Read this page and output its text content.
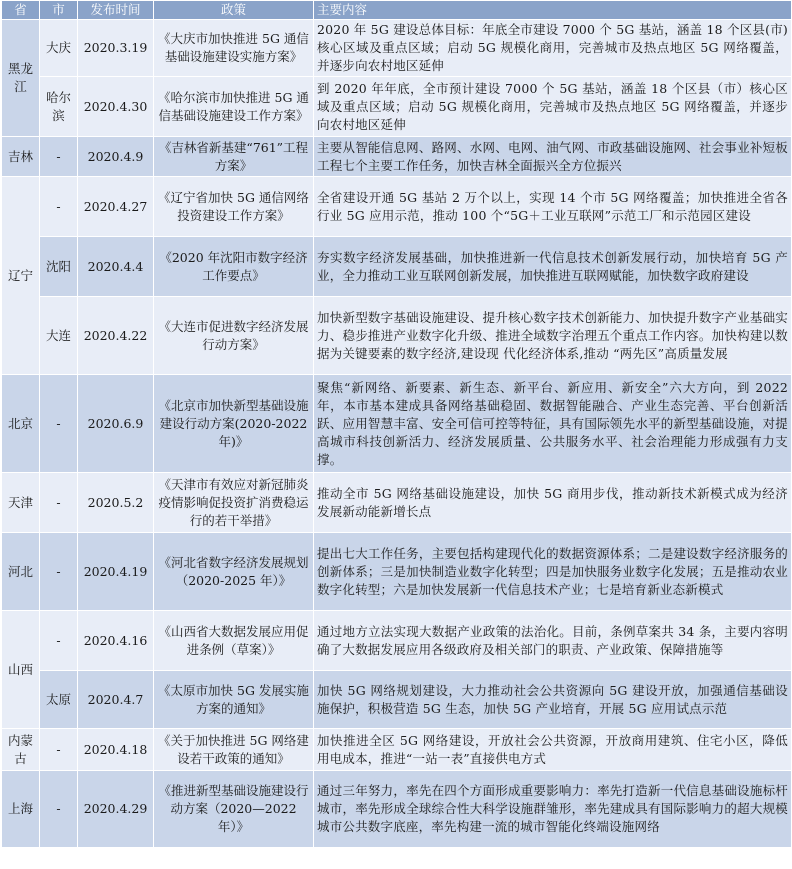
省	市	发布时间	政策	主要内容
黑龙江	大庆	2020.3.19	《大庆市加快推进 5G 通信基础设施建设实施方案》	2020 年 5G 建设总体目标：年底全市建设 7000 个 5G 基站，涵盖 18 个区县(市)核心区域及重点区域；启动 5G 规模化商用，完善城市及热点地区 5G 网络覆盖，并逐步向农村地区延伸
	哈尔滨	2020.4.30	《哈尔滨市加快推进 5G 通信基础设施建设工作方案》	到 2020 年年底，全市预计建设 7000 个 5G 基站，涵盖 18 个区县（市）核心区域及重点区域；启动 5G 规模化商用，完善城市及热点地区 5G 网络覆盖，并逐步向农村地区延伸
吉林	-	2020.4.9	《吉林省新基建“761”工程方案》	主要从智能信息网、路网、水网、电网、油气网、市政基础设施网、社会事业补短板工程七个主要工作任务，加快吉林全面振兴全方位振兴
辽宁	-	2020.4.27	《辽宁省加快 5G 通信网络投资建设工作方案》	全省建设开通 5G 基站 2 万个以上，实现 14 个市 5G 网络覆盖；加快推进全省各行业 5G 应用示范，推动 100 个“5G＋工业互联网”示范工厂和示范园区建设
	沈阳	2020.4.4	《2020 年沈阳市数字经济工作要点》	夯实数字经济发展基础，加快推进新一代信息技术创新发展行动，加快培育 5G 产业，全力推动工业互联网创新发展，加快推进互联网赋能，加快数字政府建设
	大连	2020.4.22	《大连市促进数字经济发展行动方案》	加快新型数字基础设施建设、提升核心数字技术创新能力、加快提升数字产业基础实力、稳步推进产业数字化升级、推进全域数字治理五个重点工作内容。加快构建以数据为关键要素的数字经济,建设现 代化经济体系,推动 “两先区”高质量发展
北京	-	2020.6.9	《北京市加快新型基础设施建设行动方案(2020-2022 年)》	聚焦“新网络、新要素、新生态、新平台、新应用、新安全”六大方向，到 2022 年，本市基本建成具备网络基础稳固、数据智能融合、产业生态完善、平台创新活跃、应用智慧丰富、安全可信可控等特征，具有国际领先水平的新型基础设施，对提高城市科技创新活力、经济发展质量、公共服务水平、社会治理能力形成强有力支撑。
天津	-	2020.5.2	《天津市有效应对新冠肺炎疫情影响促投资扩消费稳运行的若干举措》	推动全市 5G 网络基础设施建设，加快 5G 商用步伐，推动新技术新模式成为经济发展新动能新增长点
河北	-	2020.4.19	《河北省数字经济发展规划（2020-2025 年）》	提出七大工作任务，主要包括构建现代化的数据资源体系；二是建设数字经济服务的创新体系；三是加快制造业数字化转型；四是加快服务业数字化发展；五是推动农业数字化转型；六是加快发展新一代信息技术产业；七是培育新业态新模式
山西	-	2020.4.16	《山西省大数据发展应用促进条例（草案）》	通过地方立法实现大数据产业政策的法治化。目前，条例草案共 34 条，主要内容明确了大数据发展应用各级政府及相关部门的职责、产业政策、保障措施等
	太原	2020.4.7	《太原市加快 5G 发展实施方案的通知》	加快 5G 网络规划建设，大力推动社会公共资源向 5G 建设开放，加强通信基础设施保护，积极营造 5G 生态，加快 5G 产业培育，开展 5G 应用试点示范
内蒙古	-	2020.4.18	《关于加快推进 5G 网络建设若干政策的通知》	加快推进全区 5G 网络建设，开放社会公共资源，开放商用建筑、住宅小区，降低用电成本，推进“一站一表”直接供电方式
上海	-	2020.4.29	《推进新型基础设施建设行动方案（2020—2022 年）》	通过三年努力，率先在四个方面形成重要影响力：率先打造新一代信息基础设施标杆城市，率先形成全球综合性大科学设施群雏形，率先建成具有国际影响力的超大规模城市公共数字底座，率先构建一流的城市智能化终端设施网络
